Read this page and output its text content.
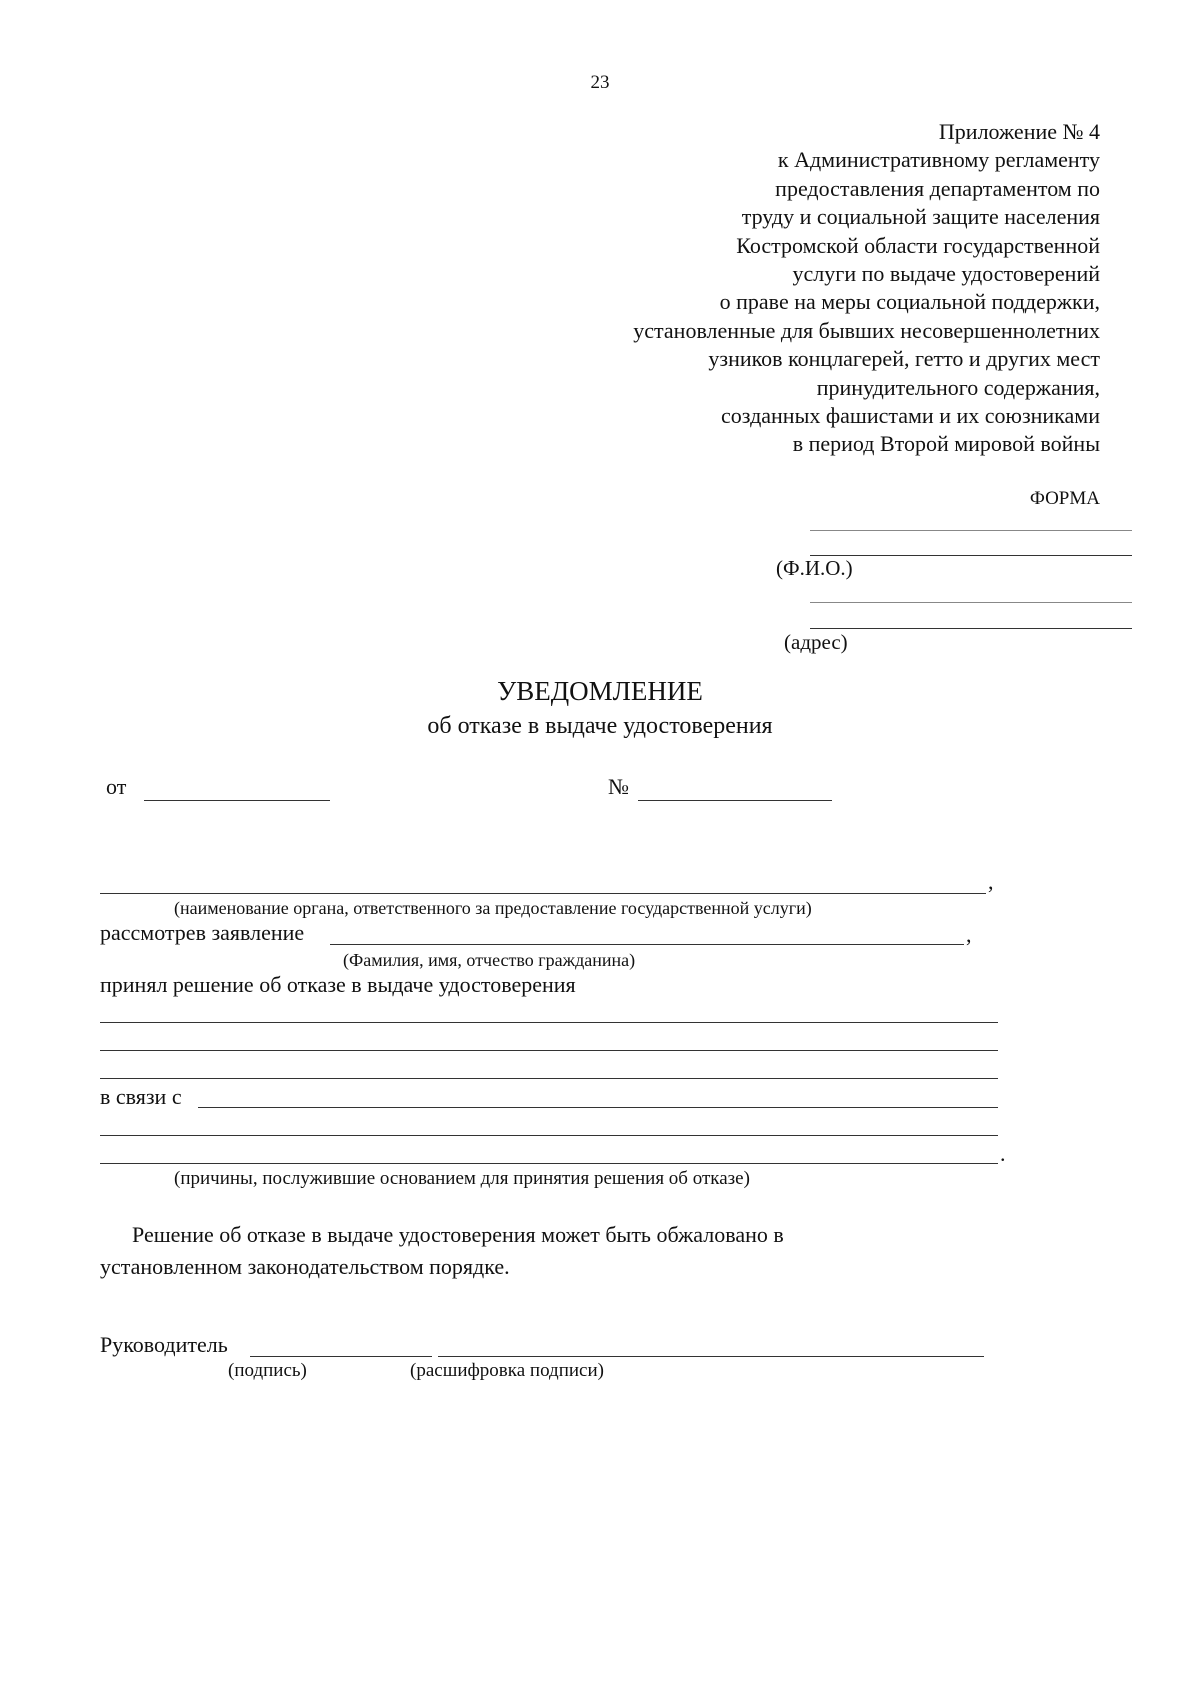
23
Приложение № 4
к Административному регламенту
предоставления департаментом по
труду и социальной защите населения
Костромской области государственной
услуги по выдаче удостоверений
о праве на меры социальной поддержки,
установленные для бывших несовершеннолетних
узников концлагерей, гетто и других мест
принудительного содержания,
созданных фашистами и их союзниками
в период Второй мировой войны
ФОРМА
(Ф.И.О.)
(адрес)
УВЕДОМЛЕНИЕ
об отказе в выдаче удостоверения
от	№
,
(наименование органа, ответственного за предоставление государственной услуги)
рассмотрев заявление	,
(Фамилия, имя, отчество гражданина)
принял решение об отказе в выдаче удостоверения
в связи с
.
(причины, послужившие основанием для принятия решения об отказе)
Решение об отказе в выдаче удостоверения может быть обжаловано в
установленном законодательством порядке.
Руководитель
(подпись)	(расшифровка подписи)
